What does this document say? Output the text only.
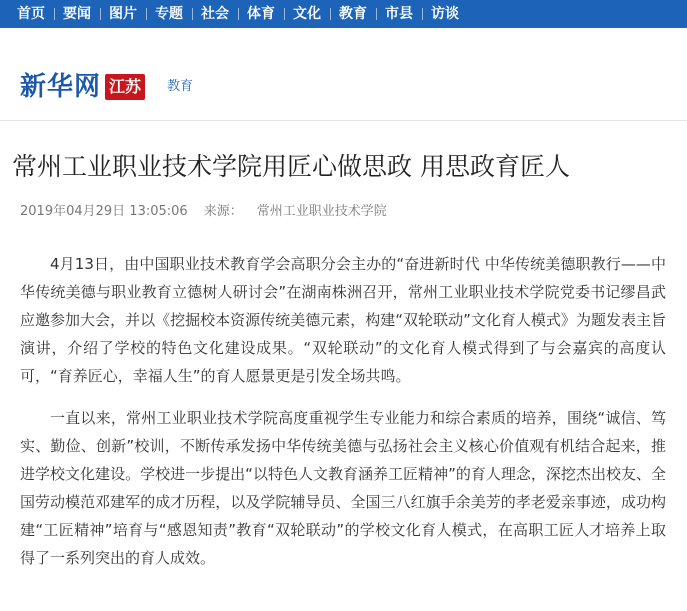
首页	要闻	图片	专题	社会	体育	文化	教育	市县	访谈
新华网 江苏	教育
常州工业职业技术学院用匠心做思政 用思政育匠人
2019年04月29日 13:05:06 来源： 常州工业职业技术学院

4月13日，由中国职业技术教育学会高职分会主办的“奋进新时代 中华传统美德职教行——中华传统美德与职业教育立德树人研讨会”在湖南株洲召开，常州工业职业技术学院党委书记缪昌武应邀参加大会，并以《挖掘校本资源传统美德元素，构建“双轮联动”文化育人模式》为题发表主旨演讲，介绍了学校的特色文化建设成果。“双轮联动”的文化育人模式得到了与会嘉宾的高度认可，“育养匠心，幸福人生”的育人愿景更是引发全场共鸣。

一直以来，常州工业职业技术学院高度重视学生专业能力和综合素质的培养，围绕“诚信、笃实、勤俭、创新”校训，不断传承发扬中华传统美德与弘扬社会主义核心价值观有机结合起来，推进学校文化建设。学校进一步提出“以特色人文教育涵养工匠精神”的育人理念，深挖杰出校友、全国劳动模范邓建军的成才历程，以及学院辅导员、全国三八红旗手余美芳的孝老爱亲事迹，成功构建“工匠精神”培育与“感恩知责”教育“双轮联动”的学校文化育人模式，在高职工匠人才培养上取得了一系列突出的育人成效。
